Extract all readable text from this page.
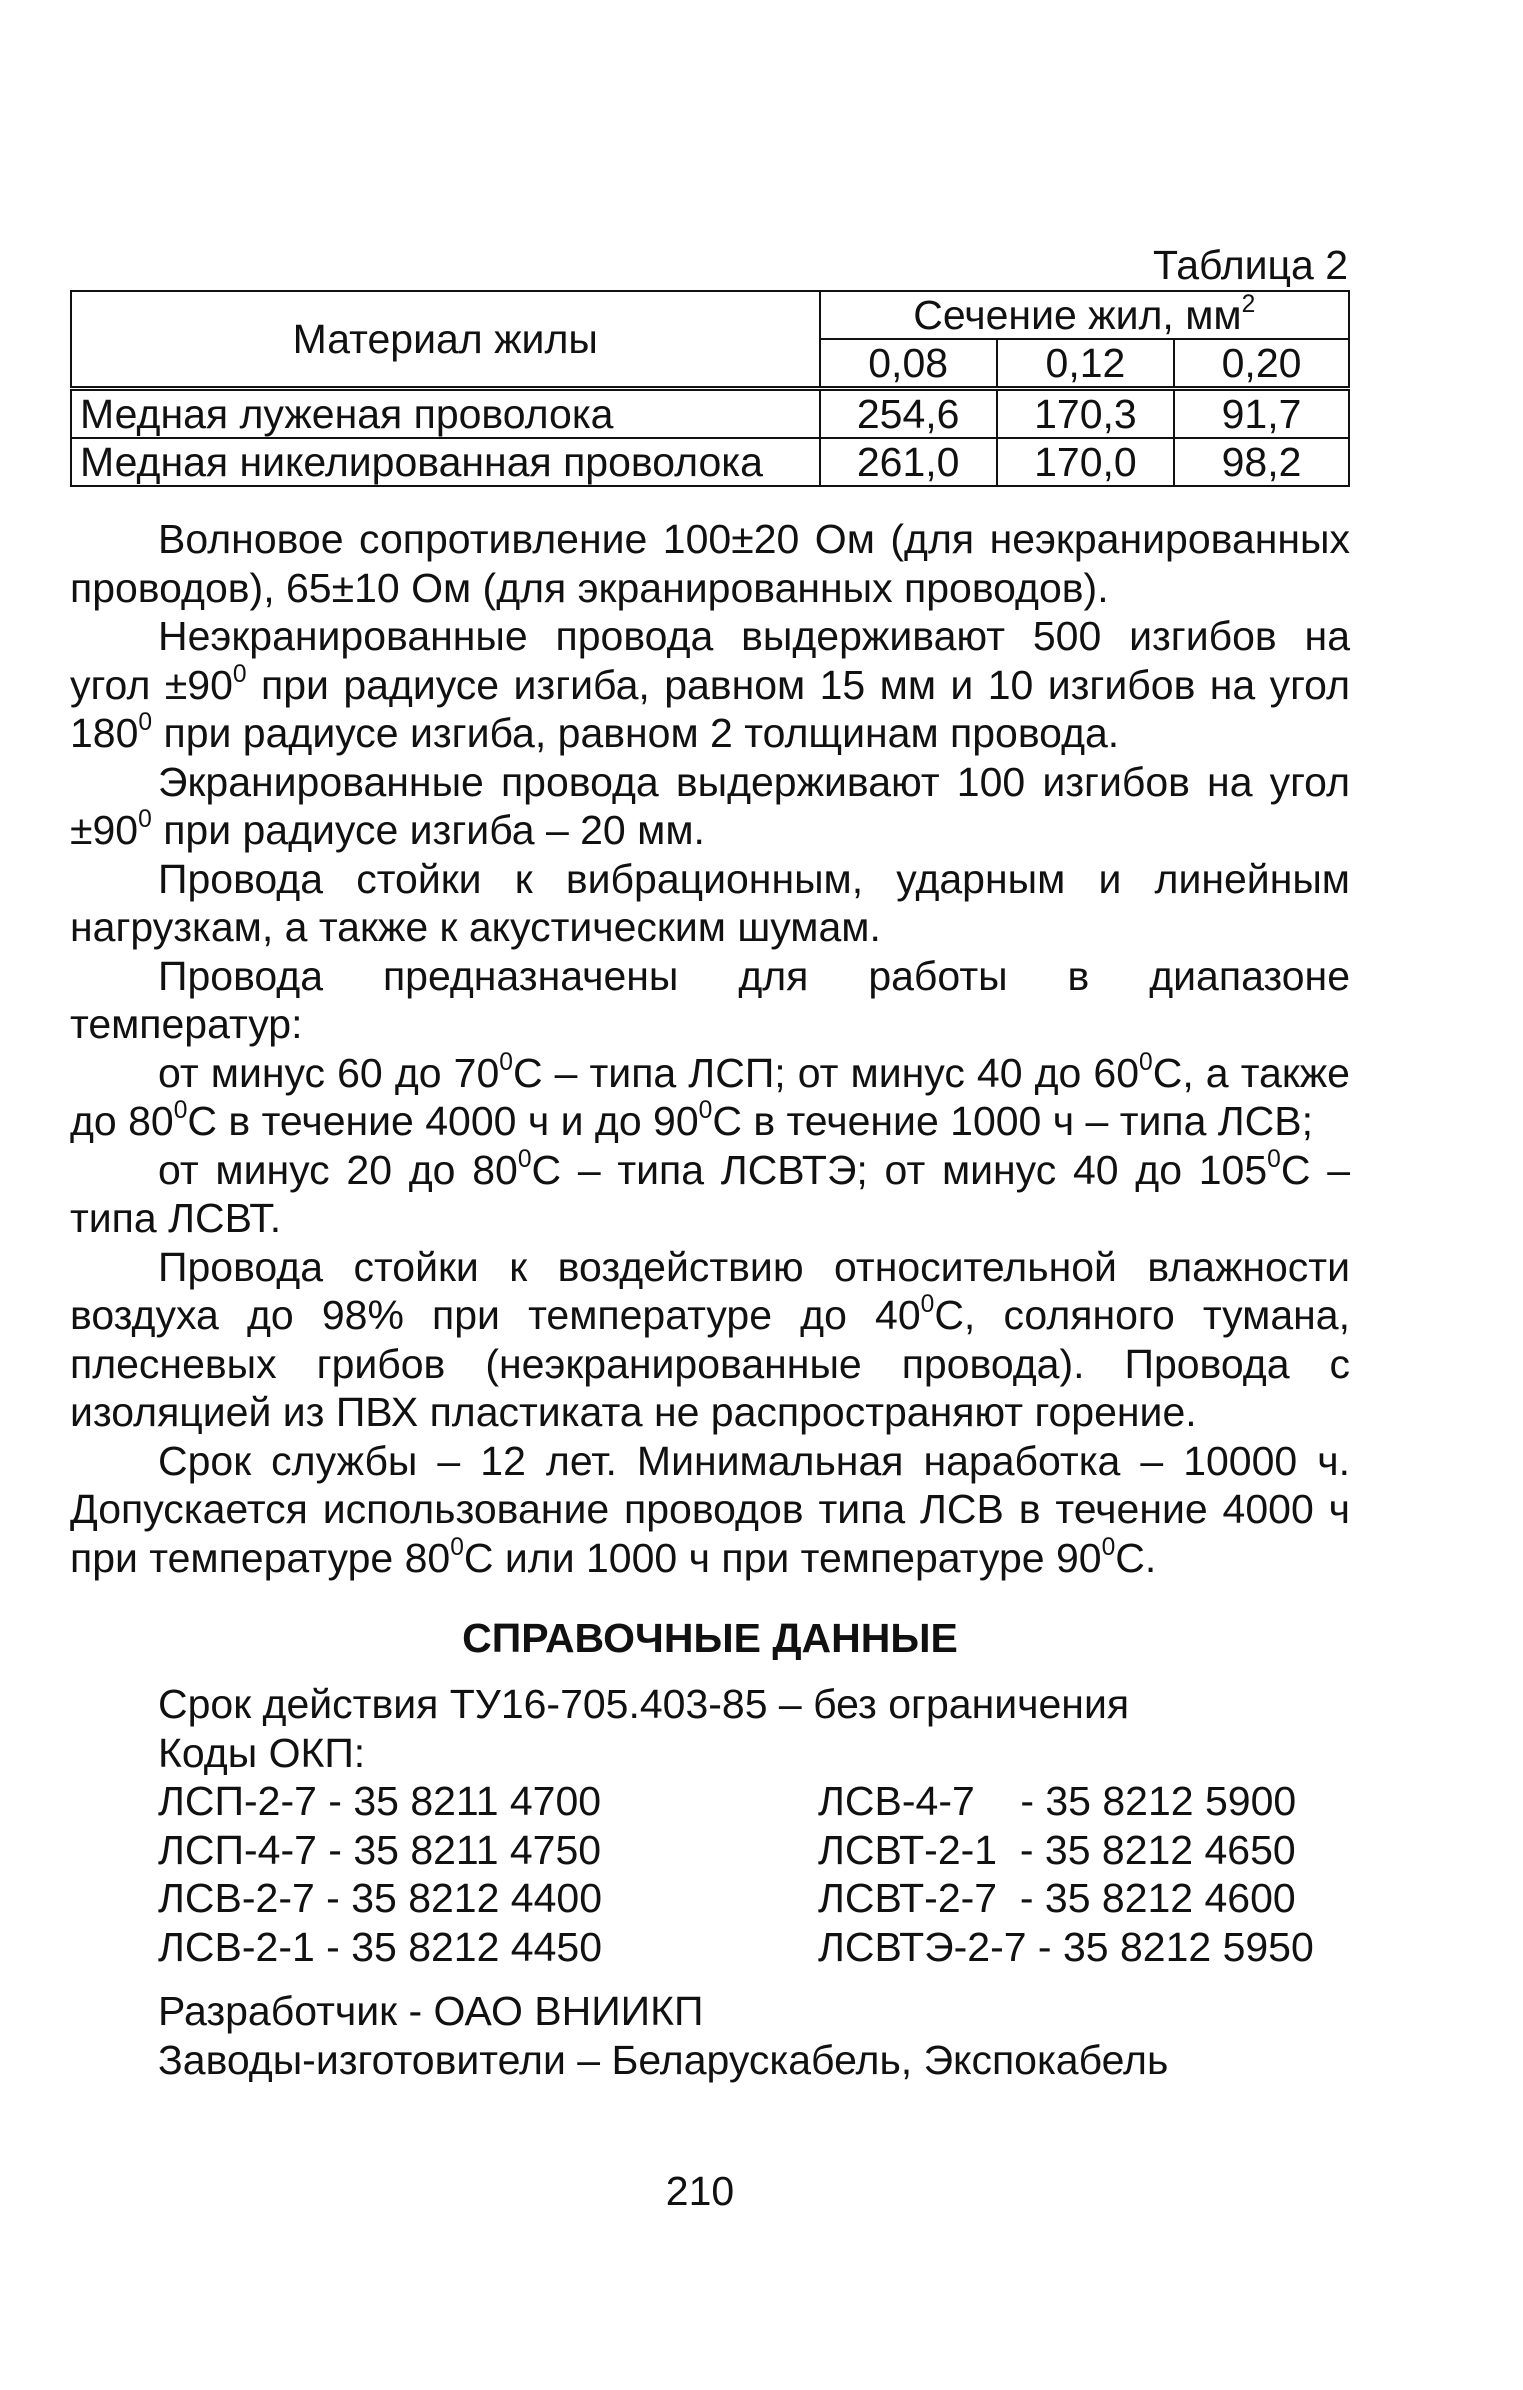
Таблица 2
Материал жилы	Сечение жил, $мм^2$
	0,08	0,12	0,20
Медная луженая проволока	254,6	170,3	91,7
Медная никелированная проволока	261,0	170,0	98,2

Волновое сопротивление 100±20 Ом (для неэкранированных проводов), 65±10 Ом (для экранированных проводов).

Неэкранированные провода выдерживают 500 изгибов на угол $\pm 90^0$ при радиусе изгиба, равном 15 мм и 10 изгибов на угол $180^0$ при радиусе изгиба, равном 2 толщинам провода.

Экранированные провода выдерживают 100 изгибов на угол $\pm 90^0$ при радиусе изгиба – 20 мм.

Провода стойки к вибрационным, ударным и линейным нагрузкам, а также к акустическим шумам.

Провода предназначены для работы в диапазоне температур:

от минус 60 до $70^0С$ – типа ЛСП; от минус 40 до $60^0С$, а также до $80^0С$ в течение 4000 ч и до $90^0С$ в течение 1000 ч – типа ЛСВ;

от минус 20 до $80^0С$ – типа ЛСВТЭ; от минус 40 до $105^0С$ – типа ЛСВТ.

Провода стойки к воздействию относительной влажности воздуха до 98% при температуре до $40^0С$, соляного тумана, плесневых грибов (неэкранированные провода). Провода с изоляцией из ПВХ пластиката не распространяют горение.

Срок службы – 12 лет. Минимальная наработка – 10000 ч. Допускается использование проводов типа ЛСВ в течение 4000 ч при температуре $80^0С$ или 1000 ч при температуре $90^0С$.

СПРАВОЧНЫЕ ДАННЫЕ
Срок действия ТУ16-705.403-85 – без ограничения
Коды ОКП:
ЛСП-2-7 - 35 8211 4700	ЛСВ-4-7    - 35 8212 5900
ЛСП-4-7 - 35 8211 4750	ЛСВТ-2-1  - 35 8212 4650
ЛСВ-2-7 - 35 8212 4400	ЛСВТ-2-7  - 35 8212 4600
ЛСВ-2-1 - 35 8212 4450	ЛСВТЭ-2-7 - 35 8212 5950
Разработчик - ОАО ВНИИКП
Заводы-изготовители – Беларускабель, Экспокабель
210
